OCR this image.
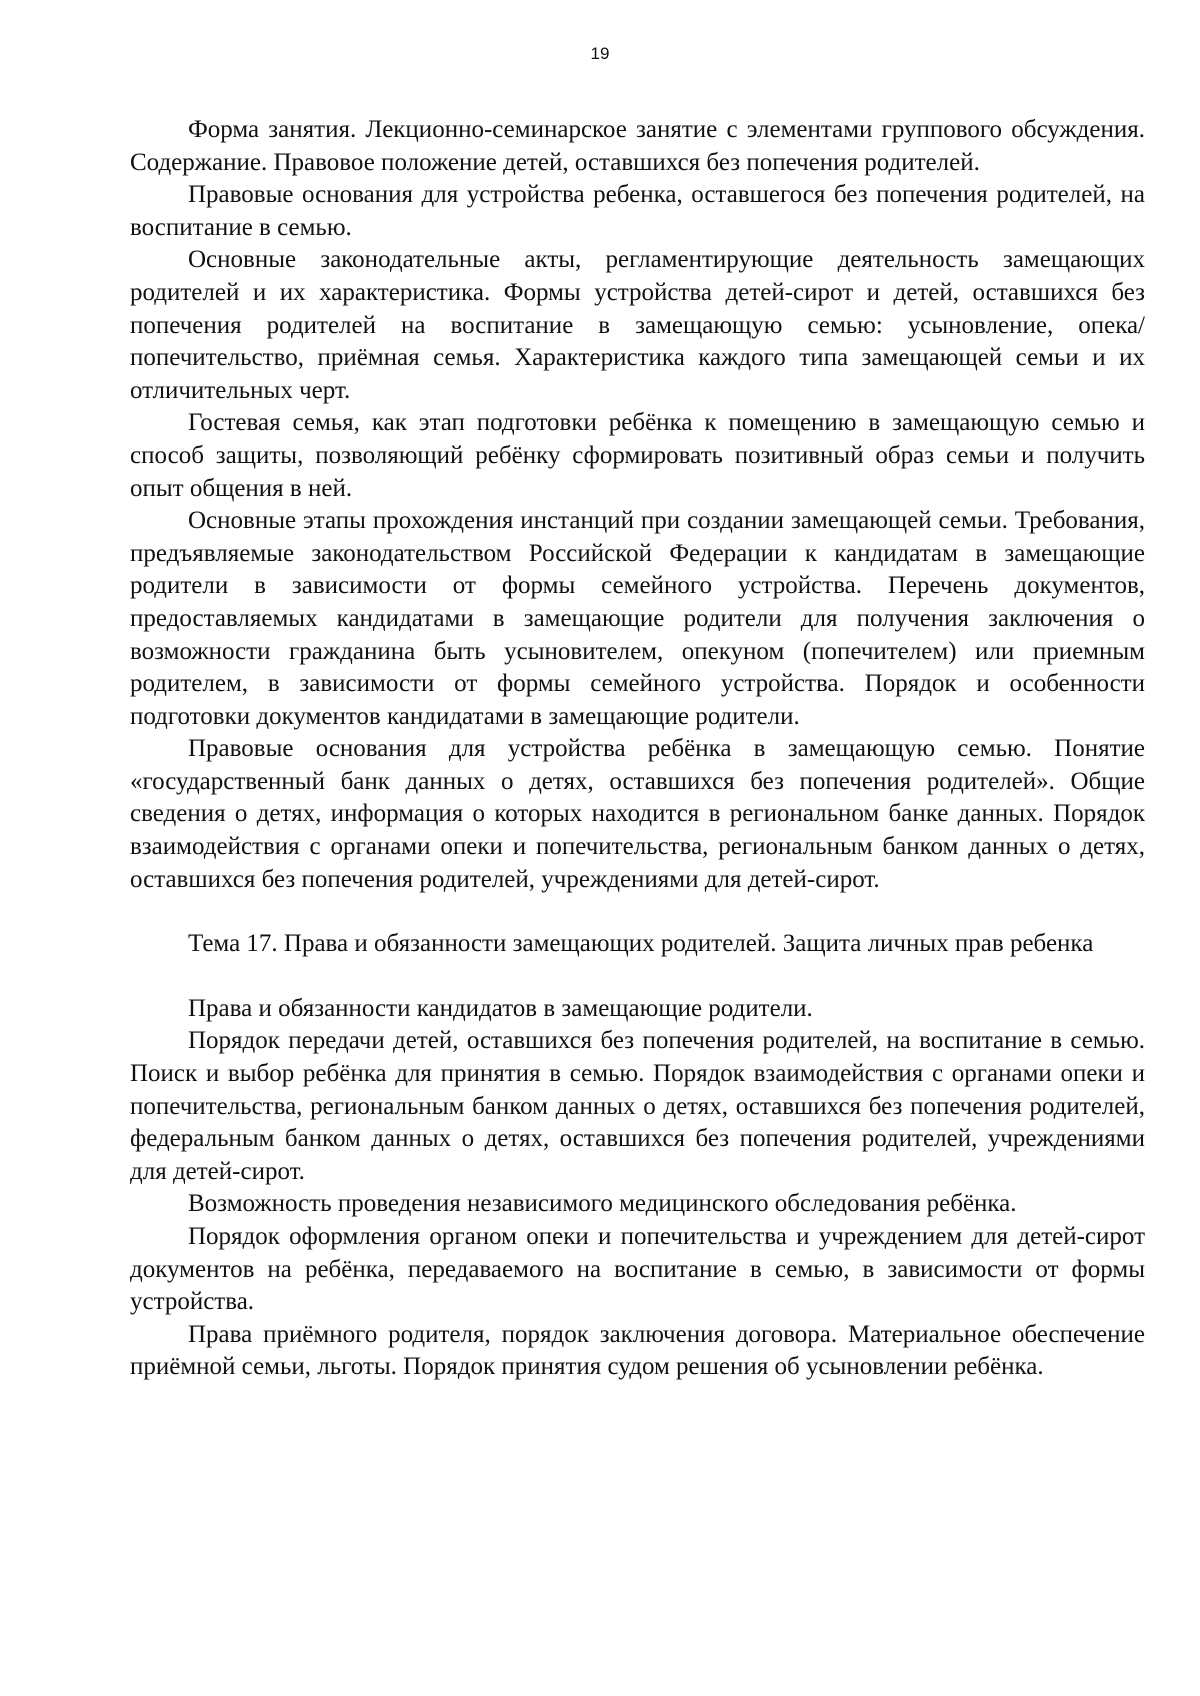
19

Форма занятия. Лекционно-семинарское занятие с элементами группового обсуждения. Содержание. Правовое положение детей, оставшихся без попечения родителей.

Правовые основания для устройства ребенка, оставшегося без попечения родителей, на воспитание в семью.

Основные законодательные акты, регламентирующие деятельность замещающих родителей и их характеристика. Формы устройства детей-сирот и детей, оставшихся без попечения родителей на воспитание в замещающую семью: усыновление, опека/ попечительство, приёмная семья. Характеристика каждого типа замещающей семьи и их отличительных черт.

Гостевая семья, как этап подготовки ребёнка к помещению в замещающую семью и способ защиты, позволяющий ребёнку сформировать позитивный образ семьи и получить опыт общения в ней.

Основные этапы прохождения инстанций при создании замещающей семьи. Требования, предъявляемые законодательством Российской Федерации к кандидатам в замещающие родители в зависимости от формы семейного устройства. Перечень документов, предоставляемых кандидатами в замещающие родители для получения заключения о возможности гражданина быть усыновителем, опекуном (попечителем) или приемным родителем, в зависимости от формы семейного устройства. Порядок и особенности подготовки документов кандидатами в замещающие родители.

Правовые основания для устройства ребёнка в замещающую семью. Понятие «государственный банк данных о детях, оставшихся без попечения родителей». Общие сведения о детях, информация о которых находится в региональном банке данных. Порядок взаимодействия с органами опеки и попечительства, региональным банком данных о детях, оставшихся без попечения родителей, учреждениями для детей-сирот.

Тема 17. Права и обязанности замещающих родителей. Защита личных прав ребенка

Права и обязанности кандидатов в замещающие родители.

Порядок передачи детей, оставшихся без попечения родителей, на воспитание в семью. Поиск и выбор ребёнка для принятия в семью. Порядок взаимодействия с органами опеки и попечительства, региональным банком данных о детях, оставшихся без попечения родителей, федеральным банком данных о детях, оставшихся без попечения родителей, учреждениями для детей-сирот.

Возможность проведения независимого медицинского обследования ребёнка.

Порядок оформления органом опеки и попечительства и учреждением для детей-сирот документов на ребёнка, передаваемого на воспитание в семью, в зависимости от формы устройства.

Права приёмного родителя, порядок заключения договора. Материальное обеспечение приёмной семьи, льготы. Порядок принятия судом решения об усыновлении ребёнка.
